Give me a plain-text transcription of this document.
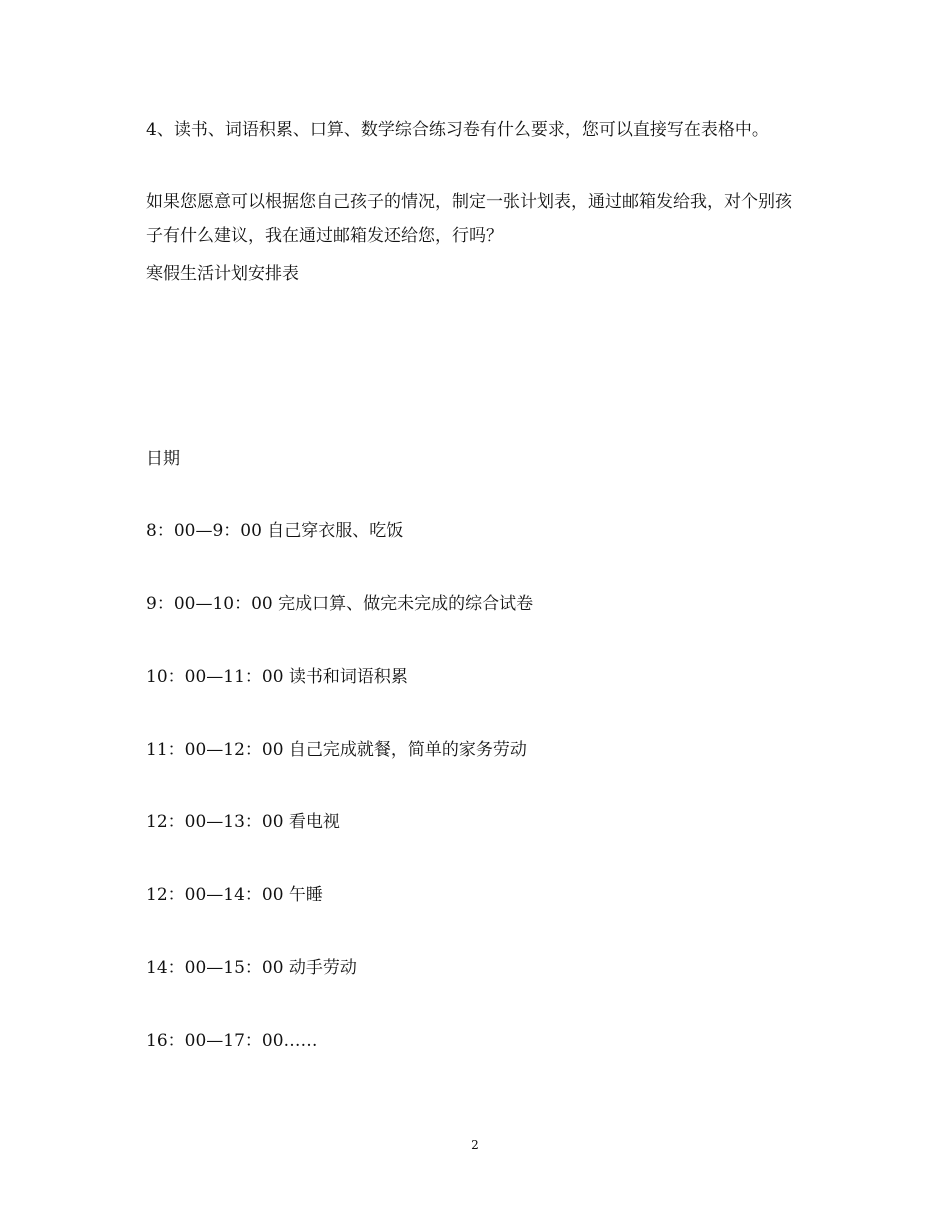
4、读书、词语积累、口算、数学综合练习卷有什么要求，您可以直接写在表格中。

如果您愿意可以根据您自己孩子的情况，制定一张计划表，通过邮箱发给我，对个别孩子有什么建议，我在通过邮箱发还给您，行吗？

寒假生活计划安排表

日期

8：00—9：00 自己穿衣服、吃饭

9：00—10：00 完成口算、做完未完成的综合试卷

10：00—11：00 读书和词语积累

11：00—12：00 自己完成就餐，简单的家务劳动

12：00—13：00 看电视

12：00—14：00 午睡

14：00—15：00 动手劳动

16：00—17：00……

2
